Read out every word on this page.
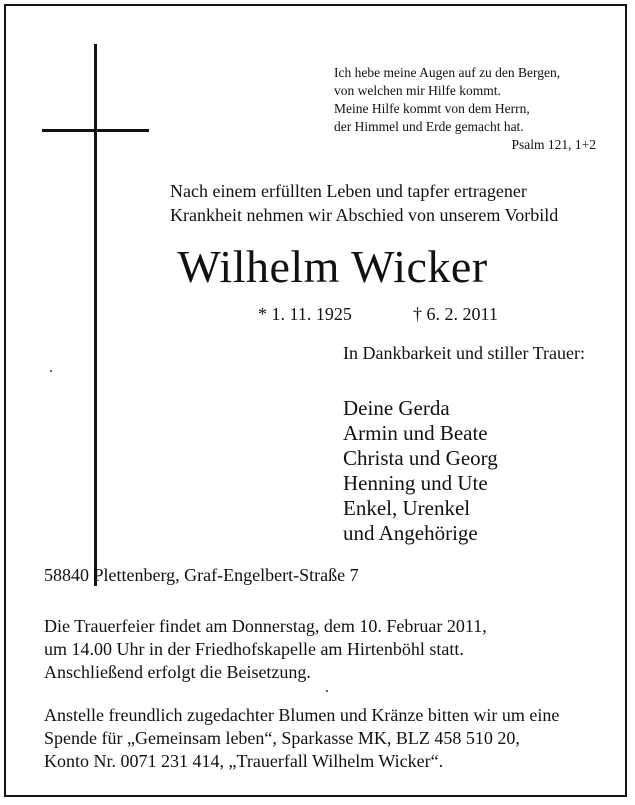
Ich hebe meine Augen auf zu den Bergen,
von welchen mir Hilfe kommt.
Meine Hilfe kommt von dem Herrn,
der Himmel und Erde gemacht hat.
Psalm 121, 1+2
Nach einem erfüllten Leben und tapfer ertragener
Krankheit nehmen wir Abschied von unserem Vorbild
Wilhelm Wicker
* 1. 11. 1925	† 6. 2. 2011
In Dankbarkeit und stiller Trauer:
Deine Gerda
Armin und Beate
Christa und Georg
Henning und Ute
Enkel, Urenkel
und Angehörige
58840 Plettenberg, Graf-Engelbert-Straße 7
Die Trauerfeier findet am Donnerstag, dem 10. Februar 2011,
um 14.00 Uhr in der Friedhofskapelle am Hirtenböhl statt.
Anschließend erfolgt die Beisetzung.
Anstelle freundlich zugedachter Blumen und Kränze bitten wir um eine
Spende für „Gemeinsam leben“, Sparkasse MK, BLZ 458 510 20,
Konto Nr. 0071 231 414, „Trauerfall Wilhelm Wicker“.
